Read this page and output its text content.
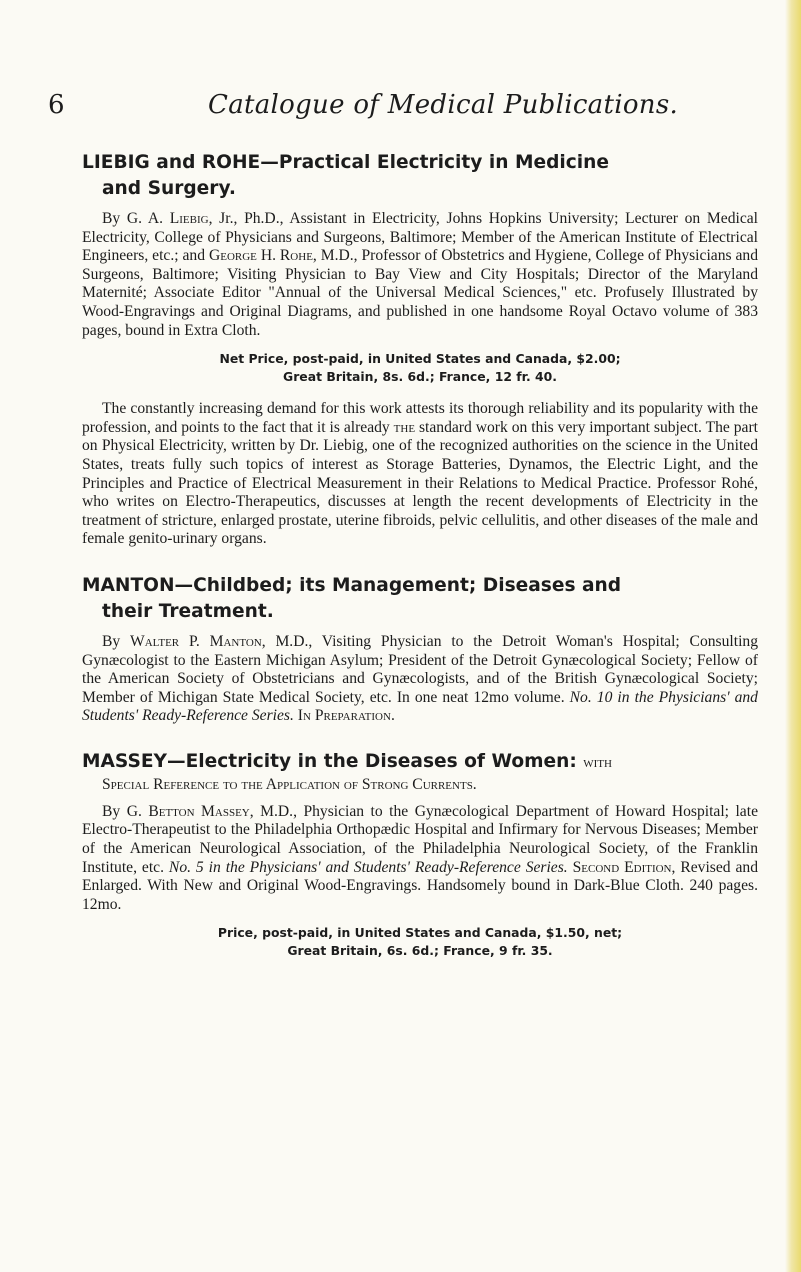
6	Catalogue of Medical Publications.
LIEBIG and ROHE—Practical Electricity in Medicine
and Surgery.

By G. A. Liebig, Jr., Ph.D., Assistant in Electricity, Johns Hopkins University; Lecturer on Medical Electricity, College of Physicians and Surgeons, Baltimore; Member of the American Institute of Electrical Engineers, etc.; and George H. Rohe, M.D., Professor of Obstetrics and Hygiene, College of Physicians and Surgeons, Baltimore; Visiting Physician to Bay View and City Hospitals; Director of the Maryland Maternité; Associate Editor "Annual of the Universal Medical Sciences," etc. Profusely Illustrated by Wood-Engravings and Original Diagrams, and published in one handsome Royal Octavo volume of 383 pages, bound in Extra Cloth.

Net Price, post-paid, in United States and Canada, $2.00;
Great Britain, 8s. 6d.; France, 12 fr. 40.

The constantly increasing demand for this work attests its thorough reliability and its popularity with the profession, and points to the fact that it is already the standard work on this very important subject. The part on Physical Electricity, written by Dr. Liebig, one of the recognized authorities on the science in the United States, treats fully such topics of interest as Storage Batteries, Dynamos, the Electric Light, and the Principles and Practice of Electrical Measurement in their Relations to Medical Practice. Professor Rohé, who writes on Electro-Therapeutics, discusses at length the recent developments of Electricity in the treatment of stricture, enlarged prostate, uterine fibroids, pelvic cellulitis, and other diseases of the male and female genito-urinary organs.

MANTON—Childbed; its Management; Diseases and
their Treatment.

By Walter P. Manton, M.D., Visiting Physician to the Detroit Woman's Hospital; Consulting Gynæcologist to the Eastern Michigan Asylum; President of the Detroit Gynæcological Society; Fellow of the American Society of Obstetricians and Gynæcologists, and of the British Gynæcological Society; Member of Michigan State Medical Society, etc. In one neat 12mo volume. No. 10 in the Physicians' and Students' Ready-Reference Series. In Preparation.

MASSEY—Electricity in the Diseases of Women: with
Special Reference to the Application of Strong Currents.

By G. Betton Massey, M.D., Physician to the Gynæcological Department of Howard Hospital; late Electro-Therapeutist to the Philadelphia Orthopædic Hospital and Infirmary for Nervous Diseases; Member of the American Neurological Association, of the Philadelphia Neurological Society, of the Franklin Institute, etc. No. 5 in the Physicians' and Students' Ready-Reference Series. Second Edition, Revised and Enlarged. With New and Original Wood-Engravings. Handsomely bound in Dark-Blue Cloth. 240 pages. 12mo.

Price, post-paid, in United States and Canada, $1.50, net;
Great Britain, 6s. 6d.; France, 9 fr. 35.
